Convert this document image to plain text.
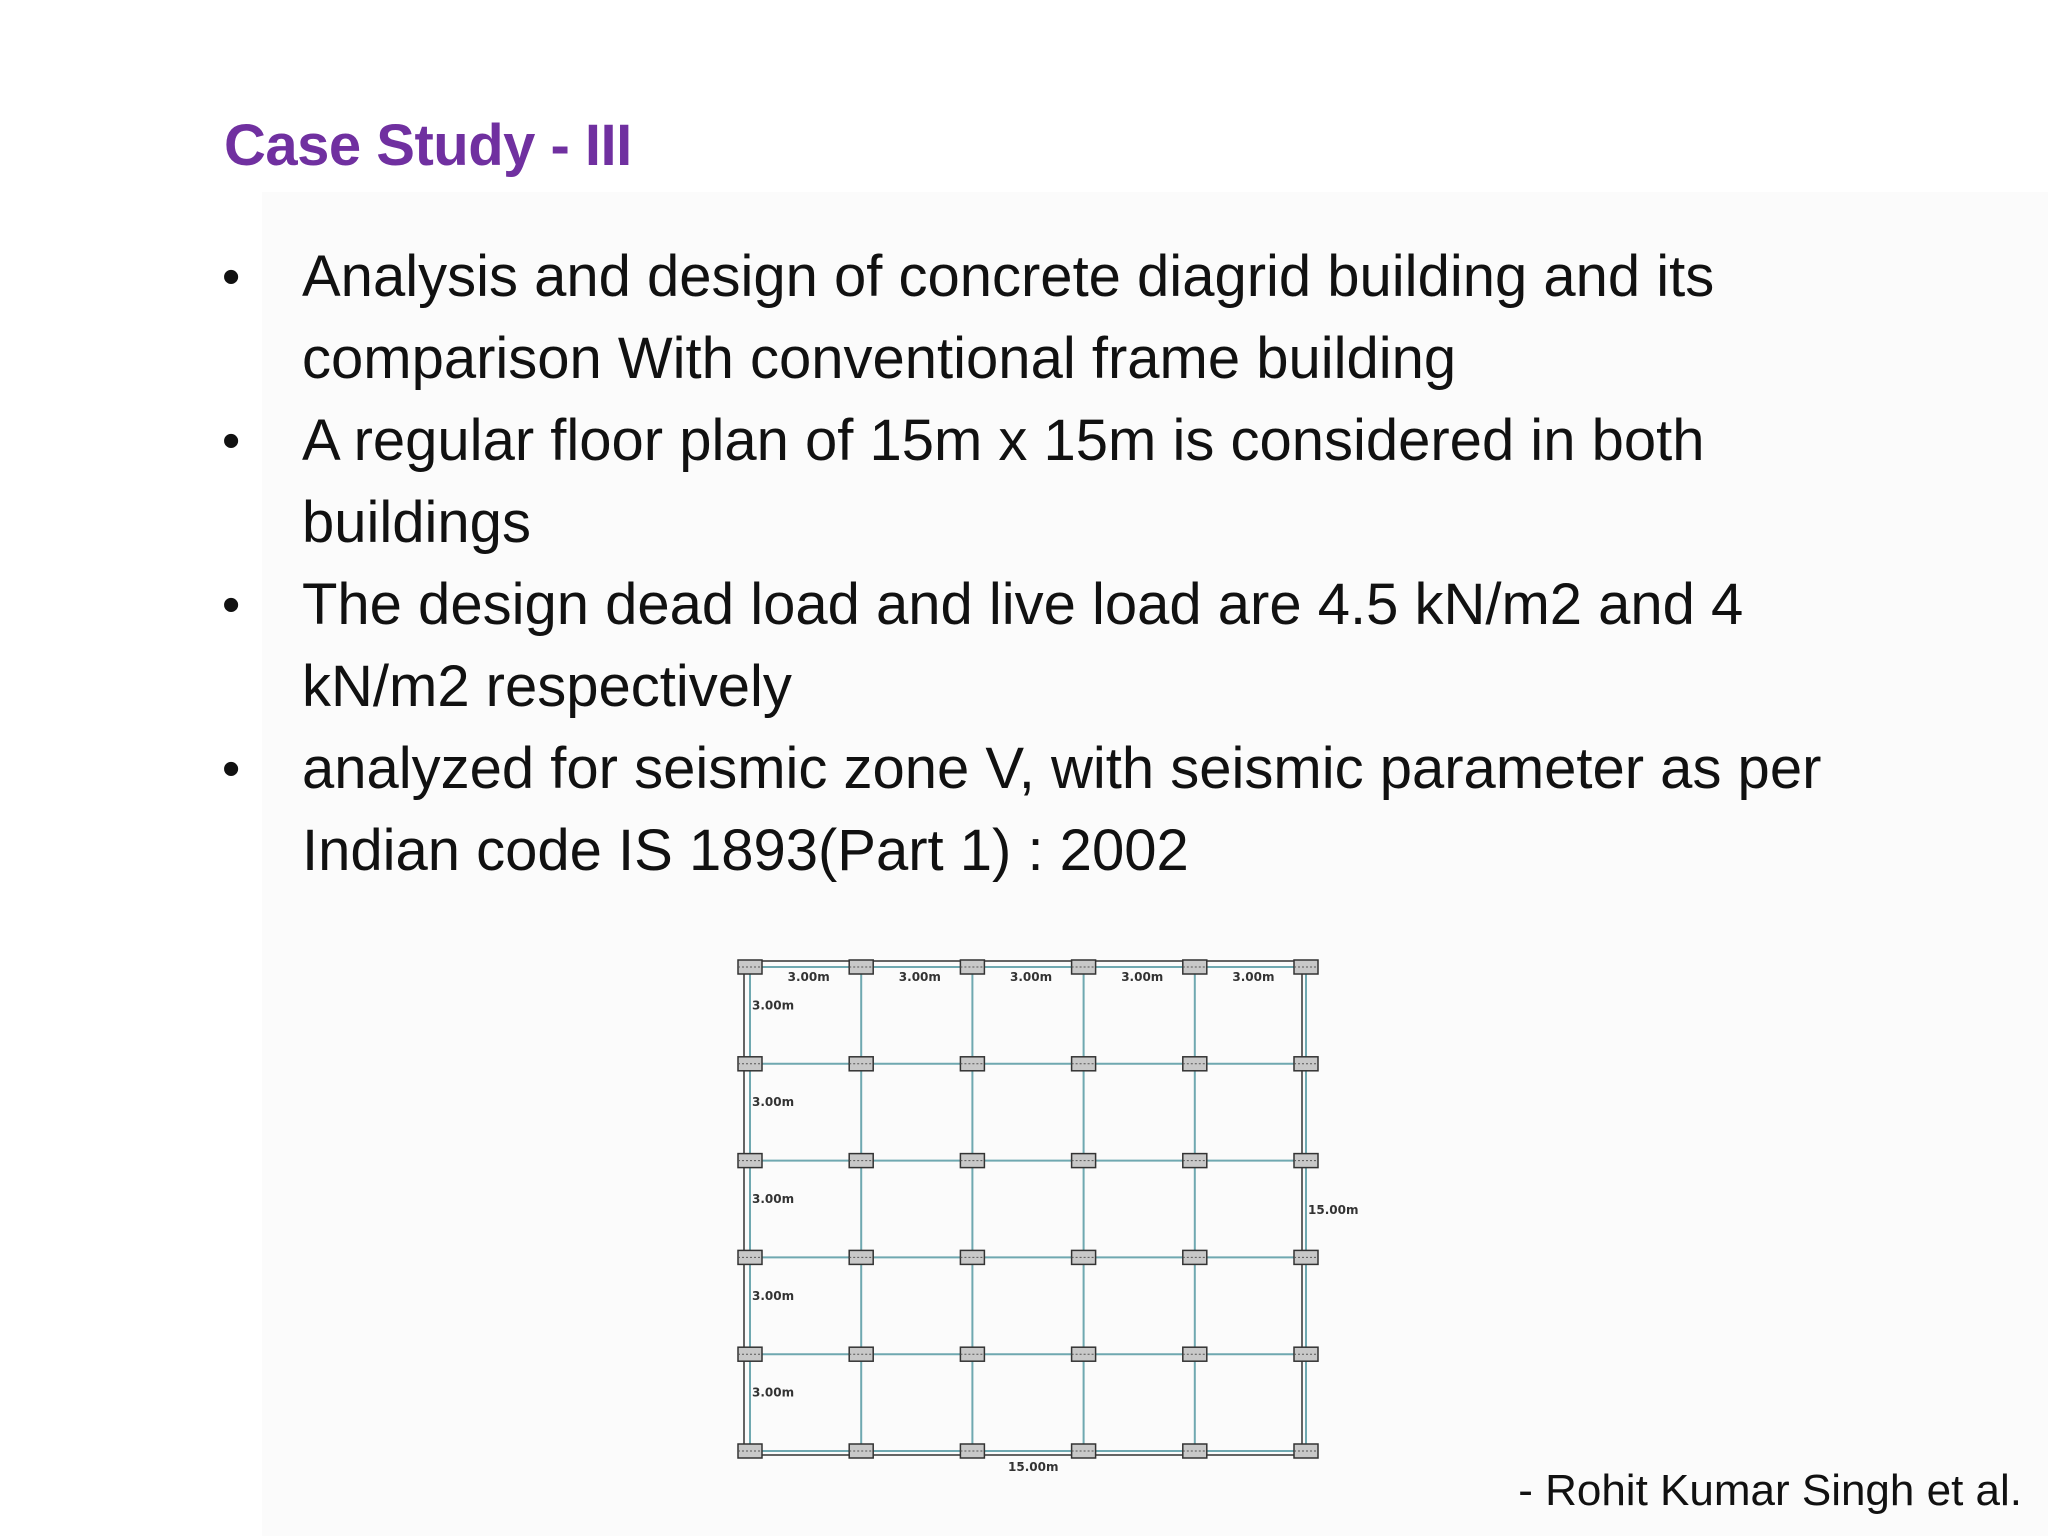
Case Study - III
• Analysis and design of concrete diagrid building and its comparison With conventional frame building
• A regular floor plan of 15m x 15m is considered in both buildings
• The design dead load and live load are 4.5 kN/m2 and 4 kN/m2 respectively
• analyzed for seismic zone V, with seismic parameter as per Indian code IS 1893(Part 1) : 2002
3.00m	3.00m	3.00m	3.00m	3.00m
3.00m
3.00m
3.00m
3.00m
3.00m
15.00m
15.00m	- Rohit Kumar Singh et al.
